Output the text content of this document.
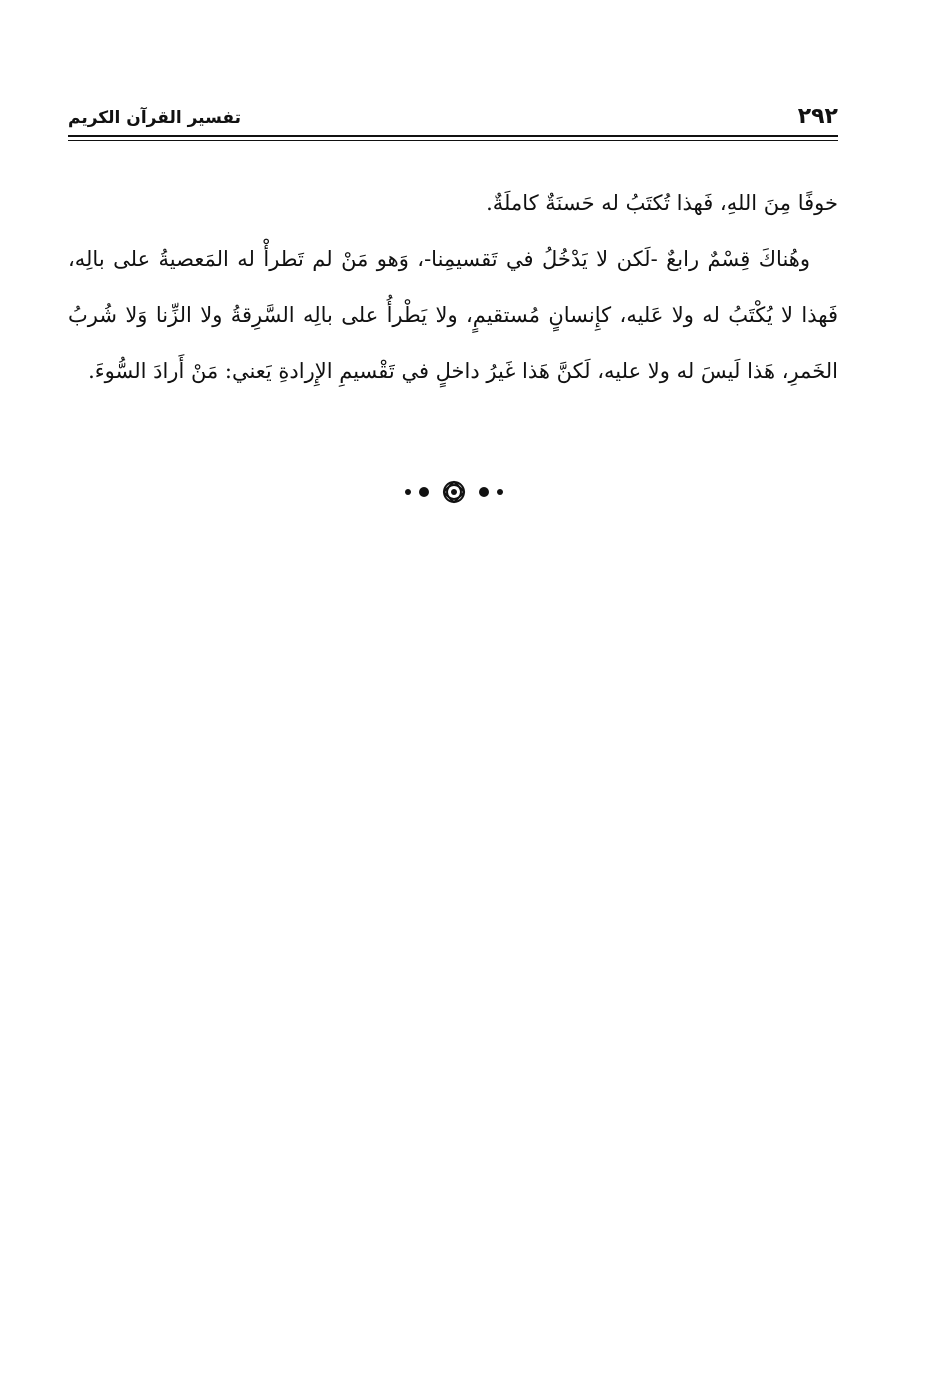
٢٩٢
تفسير القرآن الكريم

خوفًا مِنَ اللهِ، فَهذا تُكتَبُ له حَسنَةٌ كاملَةٌ.

وهُناكَ قِسْمٌ رابعٌ -لَكن لا يَدْخُلُ في تَقسيمِنا-، وَهو مَنْ لم تَطرأْ له المَعصيةُ على بالِه، فَهذا لا يُكْتَبُ له ولا عَليه، كإِنسانٍ مُستقيمٍ، ولا يَطْرأُ على بالِه السَّرِقةُ ولا الزِّنا وَلا شُربُ الخَمرِ، هَذا لَيسَ له ولا عليه، لَكنَّ هَذا غَيرُ داخلٍ في تَقْسيمِ الإِرادةِ يَعني: مَنْ أَرادَ السُّوءَ.
